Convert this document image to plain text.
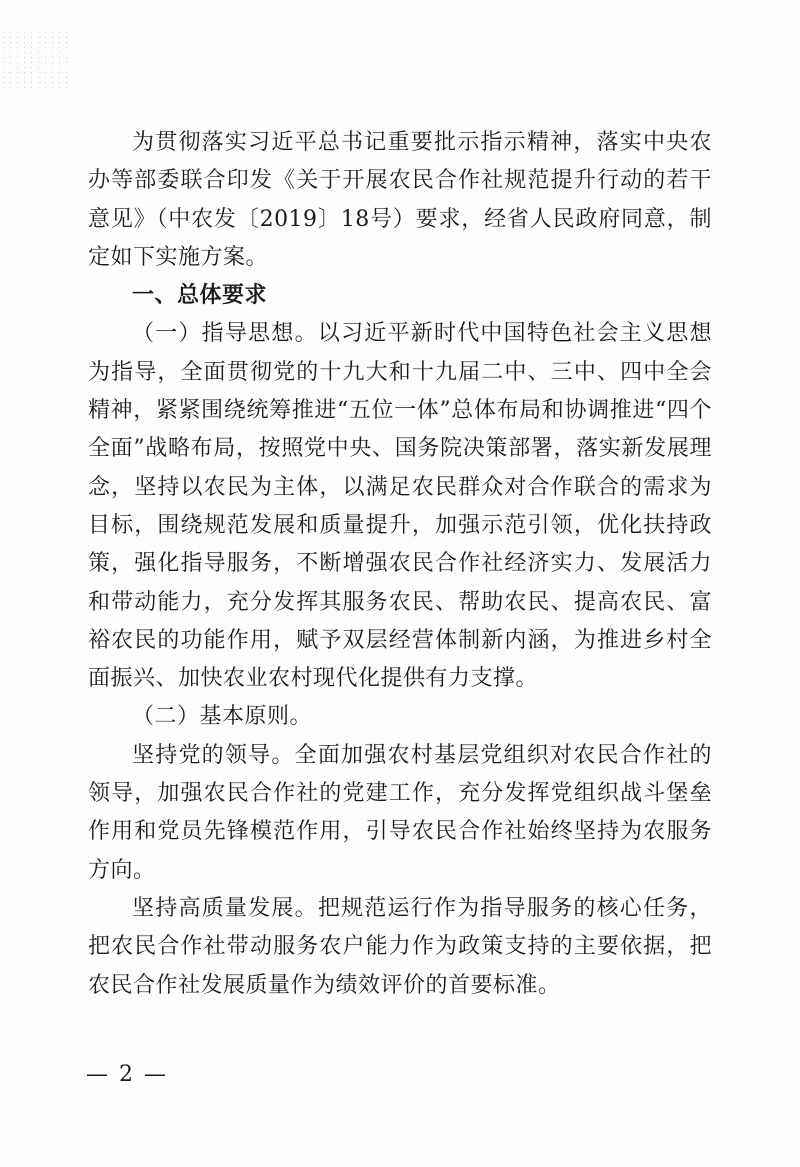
为贯彻落实习近平总书记重要批示指示精神，落实中央农办等部委联合印发《关于开展农民合作社规范提升行动的若干意见》（中农发〔2019〕18号）要求，经省人民政府同意，制定如下实施方案。

一、总体要求

（一）指导思想。以习近平新时代中国特色社会主义思想为指导，全面贯彻党的十九大和十九届二中、三中、四中全会精神，紧紧围绕统筹推进“五位一体”总体布局和协调推进“四个全面”战略布局，按照党中央、国务院决策部署，落实新发展理念，坚持以农民为主体，以满足农民群众对合作联合的需求为目标，围绕规范发展和质量提升，加强示范引领，优化扶持政策，强化指导服务，不断增强农民合作社经济实力、发展活力和带动能力，充分发挥其服务农民、帮助农民、提高农民、富裕农民的功能作用，赋予双层经营体制新内涵，为推进乡村全面振兴、加快农业农村现代化提供有力支撑。

（二）基本原则。

坚持党的领导。全面加强农村基层党组织对农民合作社的领导，加强农民合作社的党建工作，充分发挥党组织战斗堡垒作用和党员先锋模范作用，引导农民合作社始终坚持为农服务方向。

坚持高质量发展。把规范运行作为指导服务的核心任务，把农民合作社带动服务农户能力作为政策支持的主要依据，把农民合作社发展质量作为绩效评价的首要标准。

— 2 —
